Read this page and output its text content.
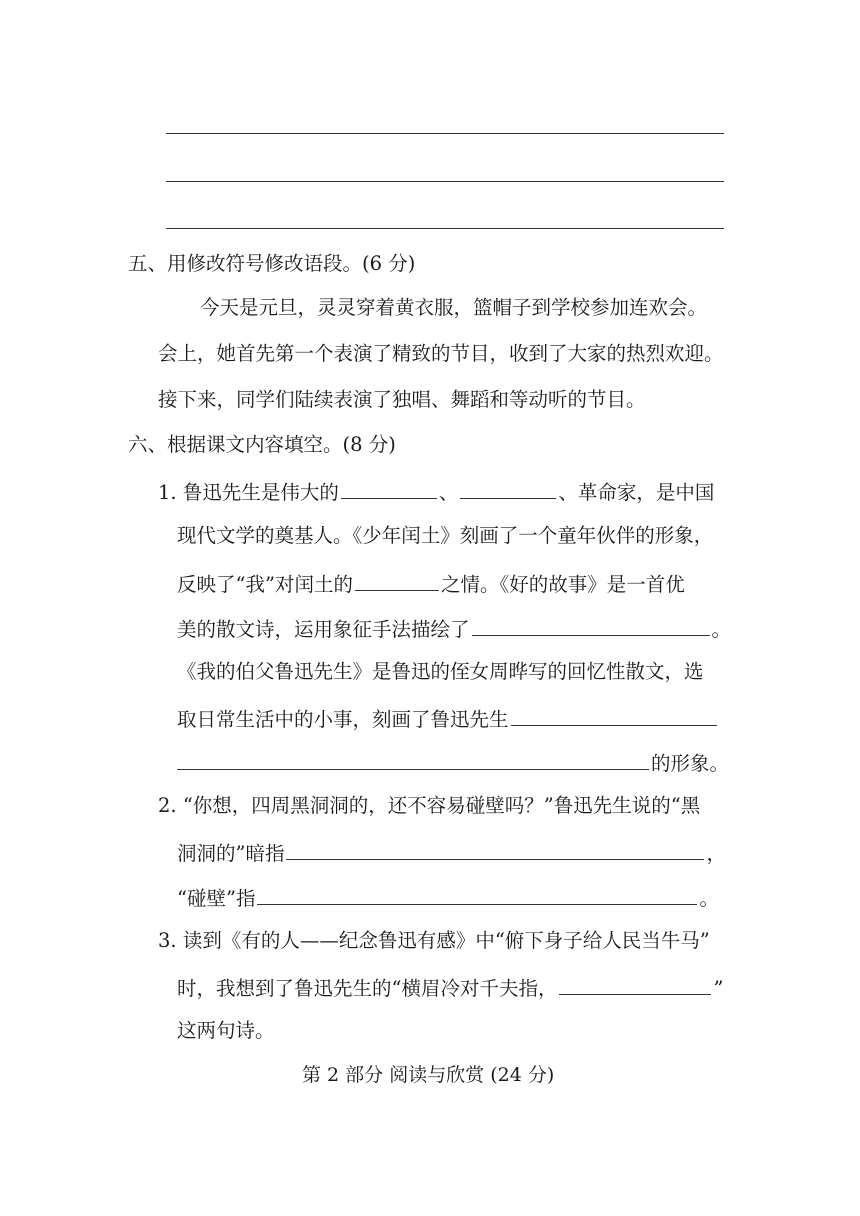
五、用修改符号修改语段。(6 分)
今天是元旦，灵灵穿着黄衣服，篮帽子到学校参加连欢会。
会上，她首先第一个表演了精致的节目，收到了大家的热烈欢迎。
接下来，同学们陆续表演了独唱、舞蹈和等动听的节目。
六、根据课文内容填空。(8 分)
1. 鲁迅先生是伟大的	、	、革命家，是中国
现代文学的奠基人。《少年闰土》刻画了一个童年伙伴的形象，
反映了“我”对闰土的	之情。《好的故事》是一首优
美的散文诗，运用象征手法描绘了	。
《我的伯父鲁迅先生》是鲁迅的侄女周晔写的回忆性散文，选
取日常生活中的小事，刻画了鲁迅先生
的形象。
2. “你想，四周黑洞洞的，还不容易碰壁吗？”鲁迅先生说的“黑
洞洞的”暗指	，
“碰壁”指	。
3. 读到《有的人——纪念鲁迅有感》中“俯下身子给人民当牛马”
时，我想到了鲁迅先生的“横眉冷对千夫指，	”
这两句诗。
第 2 部分 阅读与欣赏 (24 分)
